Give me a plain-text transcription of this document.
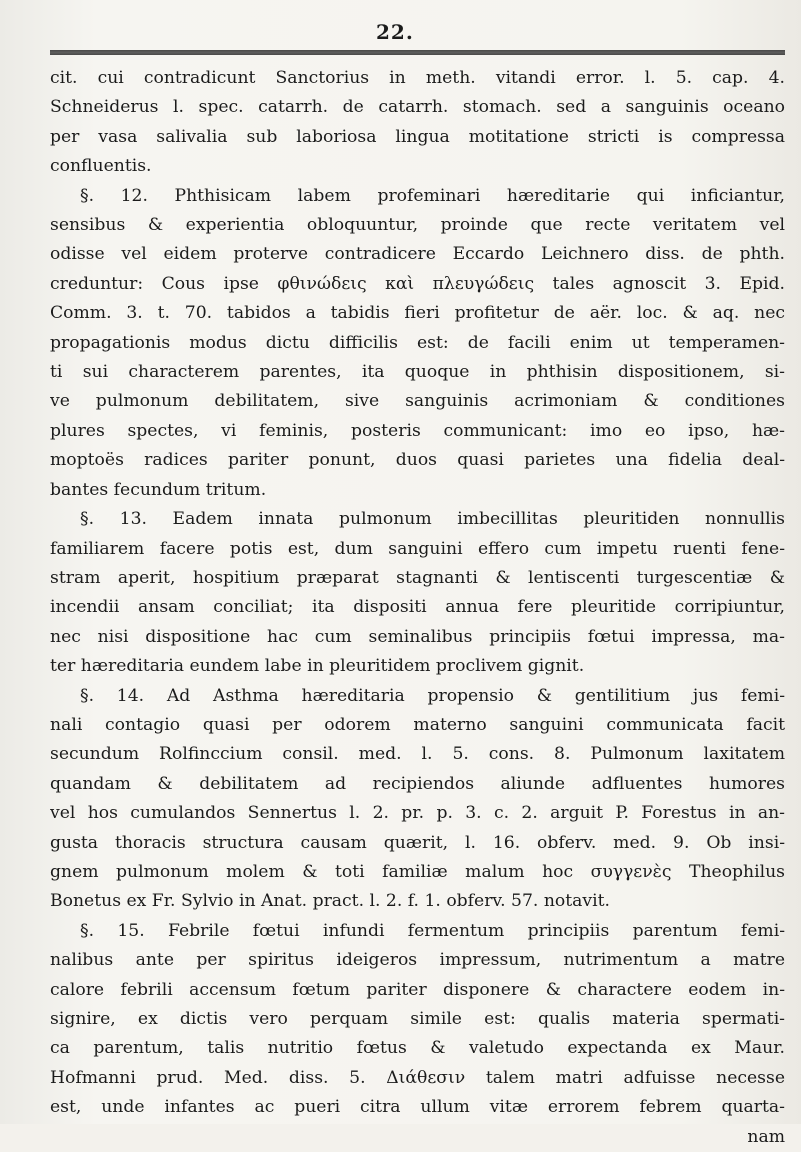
22.
cit. cui contradicunt Sanctorius in meth. vitandi error. l. 5. cap. 4.
Schneiderus l. spec. catarrh. de catarrh. stomach. sed a sanguinis oceano
per vasa salivalia sub laboriosa lingua motitatione stricti is compressa
confluentis.
§. 12. Phthisicam labem profeminari hæreditarie qui inficiantur,
sensibus & experientia obloquuntur, proinde que recte veritatem vel
odisse vel eidem proterve contradicere Eccardo Leichnero diss. de phth.
creduntur: Cous ipse φθινώδεις καὶ πλευγώδεις tales agnoscit 3. Epid.
Comm. 3. t. 70. tabidos a tabidis fieri profitetur de aër. loc. & aq. nec
propagationis modus dictu difficilis est: de facili enim ut temperamen-
ti sui characterem parentes, ita quoque in phthisin dispositionem, si-
ve pulmonum debilitatem, sive sanguinis acrimoniam & conditiones
plures spectes, vi feminis, posteris communicant: imo eo ipso, hæ-
moptoës radices pariter ponunt, duos quasi parietes una fidelia deal-
bantes fecundum tritum.
§. 13. Eadem innata pulmonum imbecillitas pleuritiden nonnullis
familiarem facere potis est, dum sanguini effero cum impetu ruenti fene-
stram aperit, hospitium præparat stagnanti & lentiscenti turgescentiæ &
incendii ansam conciliat; ita dispositi annua fere pleuritide corripiuntur,
nec nisi dispositione hac cum seminalibus principiis fœtui impressa, ma-
ter hæreditaria eundem labe in pleuritidem proclivem gignit.
§. 14. Ad Asthma hæreditaria propensio & gentilitium jus femi-
nali contagio quasi per odorem materno sanguini communicata facit
secundum Rolfinccium consil. med. l. 5. cons. 8. Pulmonum laxitatem
quandam & debilitatem ad recipiendos aliunde adfluentes humores
vel hos cumulandos Sennertus l. 2. pr. p. 3. c. 2. arguit P. Forestus in an-
gusta thoracis structura causam quærit, l. 16. obferv. med. 9. Ob insi-
gnem pulmonum molem & toti familiæ malum hoc συγγενὲς Theophilus
Bonetus ex Fr. Sylvio in Anat. pract. l. 2. f. 1. obferv. 57. notavit.
§. 15. Febrile fœtui infundi fermentum principiis parentum femi-
nalibus ante per spiritus ideigeros impressum, nutrimentum a matre
calore febrili accensum fœtum pariter disponere & charactere eodem in-
signire, ex dictis vero perquam simile est: qualis materia spermati-
ca parentum, talis nutritio fœtus & valetudo expectanda ex Maur.
Hofmanni prud. Med. diss. 5. Διάθεσιν talem matri adfuisse necesse
est, unde infantes ac pueri citra ullum vitæ errorem febrem quarta-
nam
